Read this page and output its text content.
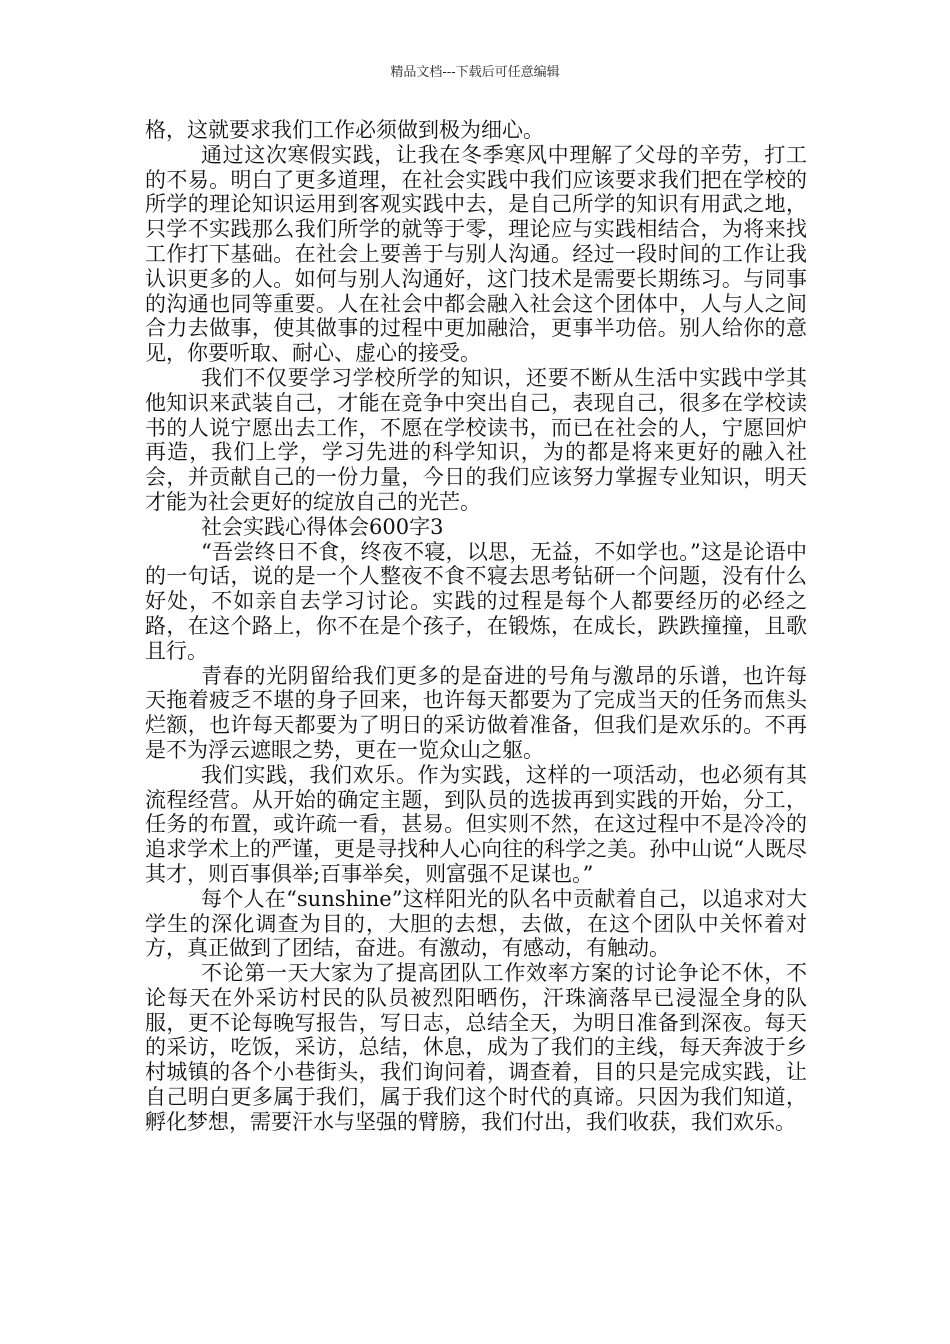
精品文档---下载后可任意编辑

格，这就要求我们工作必须做到极为细心。

通过这次寒假实践，让我在冬季寒风中理解了父母的辛劳，打工的不易。明白了更多道理，在社会实践中我们应该要求我们把在学校的所学的理论知识运用到客观实践中去，是自己所学的知识有用武之地，只学不实践那么我们所学的就等于零，理论应与实践相结合，为将来找工作打下基础。在社会上要善于与别人沟通。经过一段时间的工作让我认识更多的人。如何与别人沟通好，这门技术是需要长期练习。与同事的沟通也同等重要。人在社会中都会融入社会这个团体中，人与人之间合力去做事，使其做事的过程中更加融洽，更事半功倍。别人给你的意见，你要听取、耐心、虚心的接受。

我们不仅要学习学校所学的知识，还要不断从生活中实践中学其他知识来武装自己，才能在竞争中突出自己，表现自己，很多在学校读书的人说宁愿出去工作，不愿在学校读书，而已在社会的人，宁愿回炉再造，我们上学，学习先进的科学知识，为的都是将来更好的融入社会，并贡献自己的一份力量，今日的我们应该努力掌握专业知识，明天才能为社会更好的绽放自己的光芒。

社会实践心得体会600字3

“吾尝终日不食，终夜不寝，以思，无益，不如学也。”这是论语中的一句话，说的是一个人整夜不食不寝去思考钻研一个问题，没有什么好处，不如亲自去学习讨论。实践的过程是每个人都要经历的必经之路，在这个路上，你不在是个孩子，在锻炼，在成长，跌跌撞撞，且歌且行。

青春的光阴留给我们更多的是奋进的号角与激昂的乐谱，也许每天拖着疲乏不堪的身子回来，也许每天都要为了完成当天的任务而焦头烂额，也许每天都要为了明日的采访做着准备，但我们是欢乐的。不再是不为浮云遮眼之势，更在一览众山之躯。

我们实践，我们欢乐。作为实践，这样的一项活动，也必须有其流程经营。从开始的确定主题，到队员的选拔再到实践的开始，分工，任务的布置，或许疏一看，甚易。但实则不然，在这过程中不是冷冷的追求学术上的严谨，更是寻找种人心向往的科学之美。孙中山说“人既尽其才，则百事俱举;百事举矣，则富强不足谋也。”

每个人在“sunshine”这样阳光的队名中贡献着自己，以追求对大学生的深化调查为目的，大胆的去想，去做，在这个团队中关怀着对方，真正做到了团结，奋进。有激动，有感动，有触动。

不论第一天大家为了提高团队工作效率方案的讨论争论不休，不论每天在外采访村民的队员被烈阳晒伤，汗珠滴落早已浸湿全身的队服，更不论每晚写报告，写日志，总结全天，为明日准备到深夜。每天的采访，吃饭，采访，总结，休息，成为了我们的主线，每天奔波于乡村城镇的各个小巷街头，我们询问着，调查着，目的只是完成实践，让自己明白更多属于我们，属于我们这个时代的真谛。只因为我们知道，孵化梦想，需要汗水与坚强的臂膀，我们付出，我们收获，我们欢乐。
